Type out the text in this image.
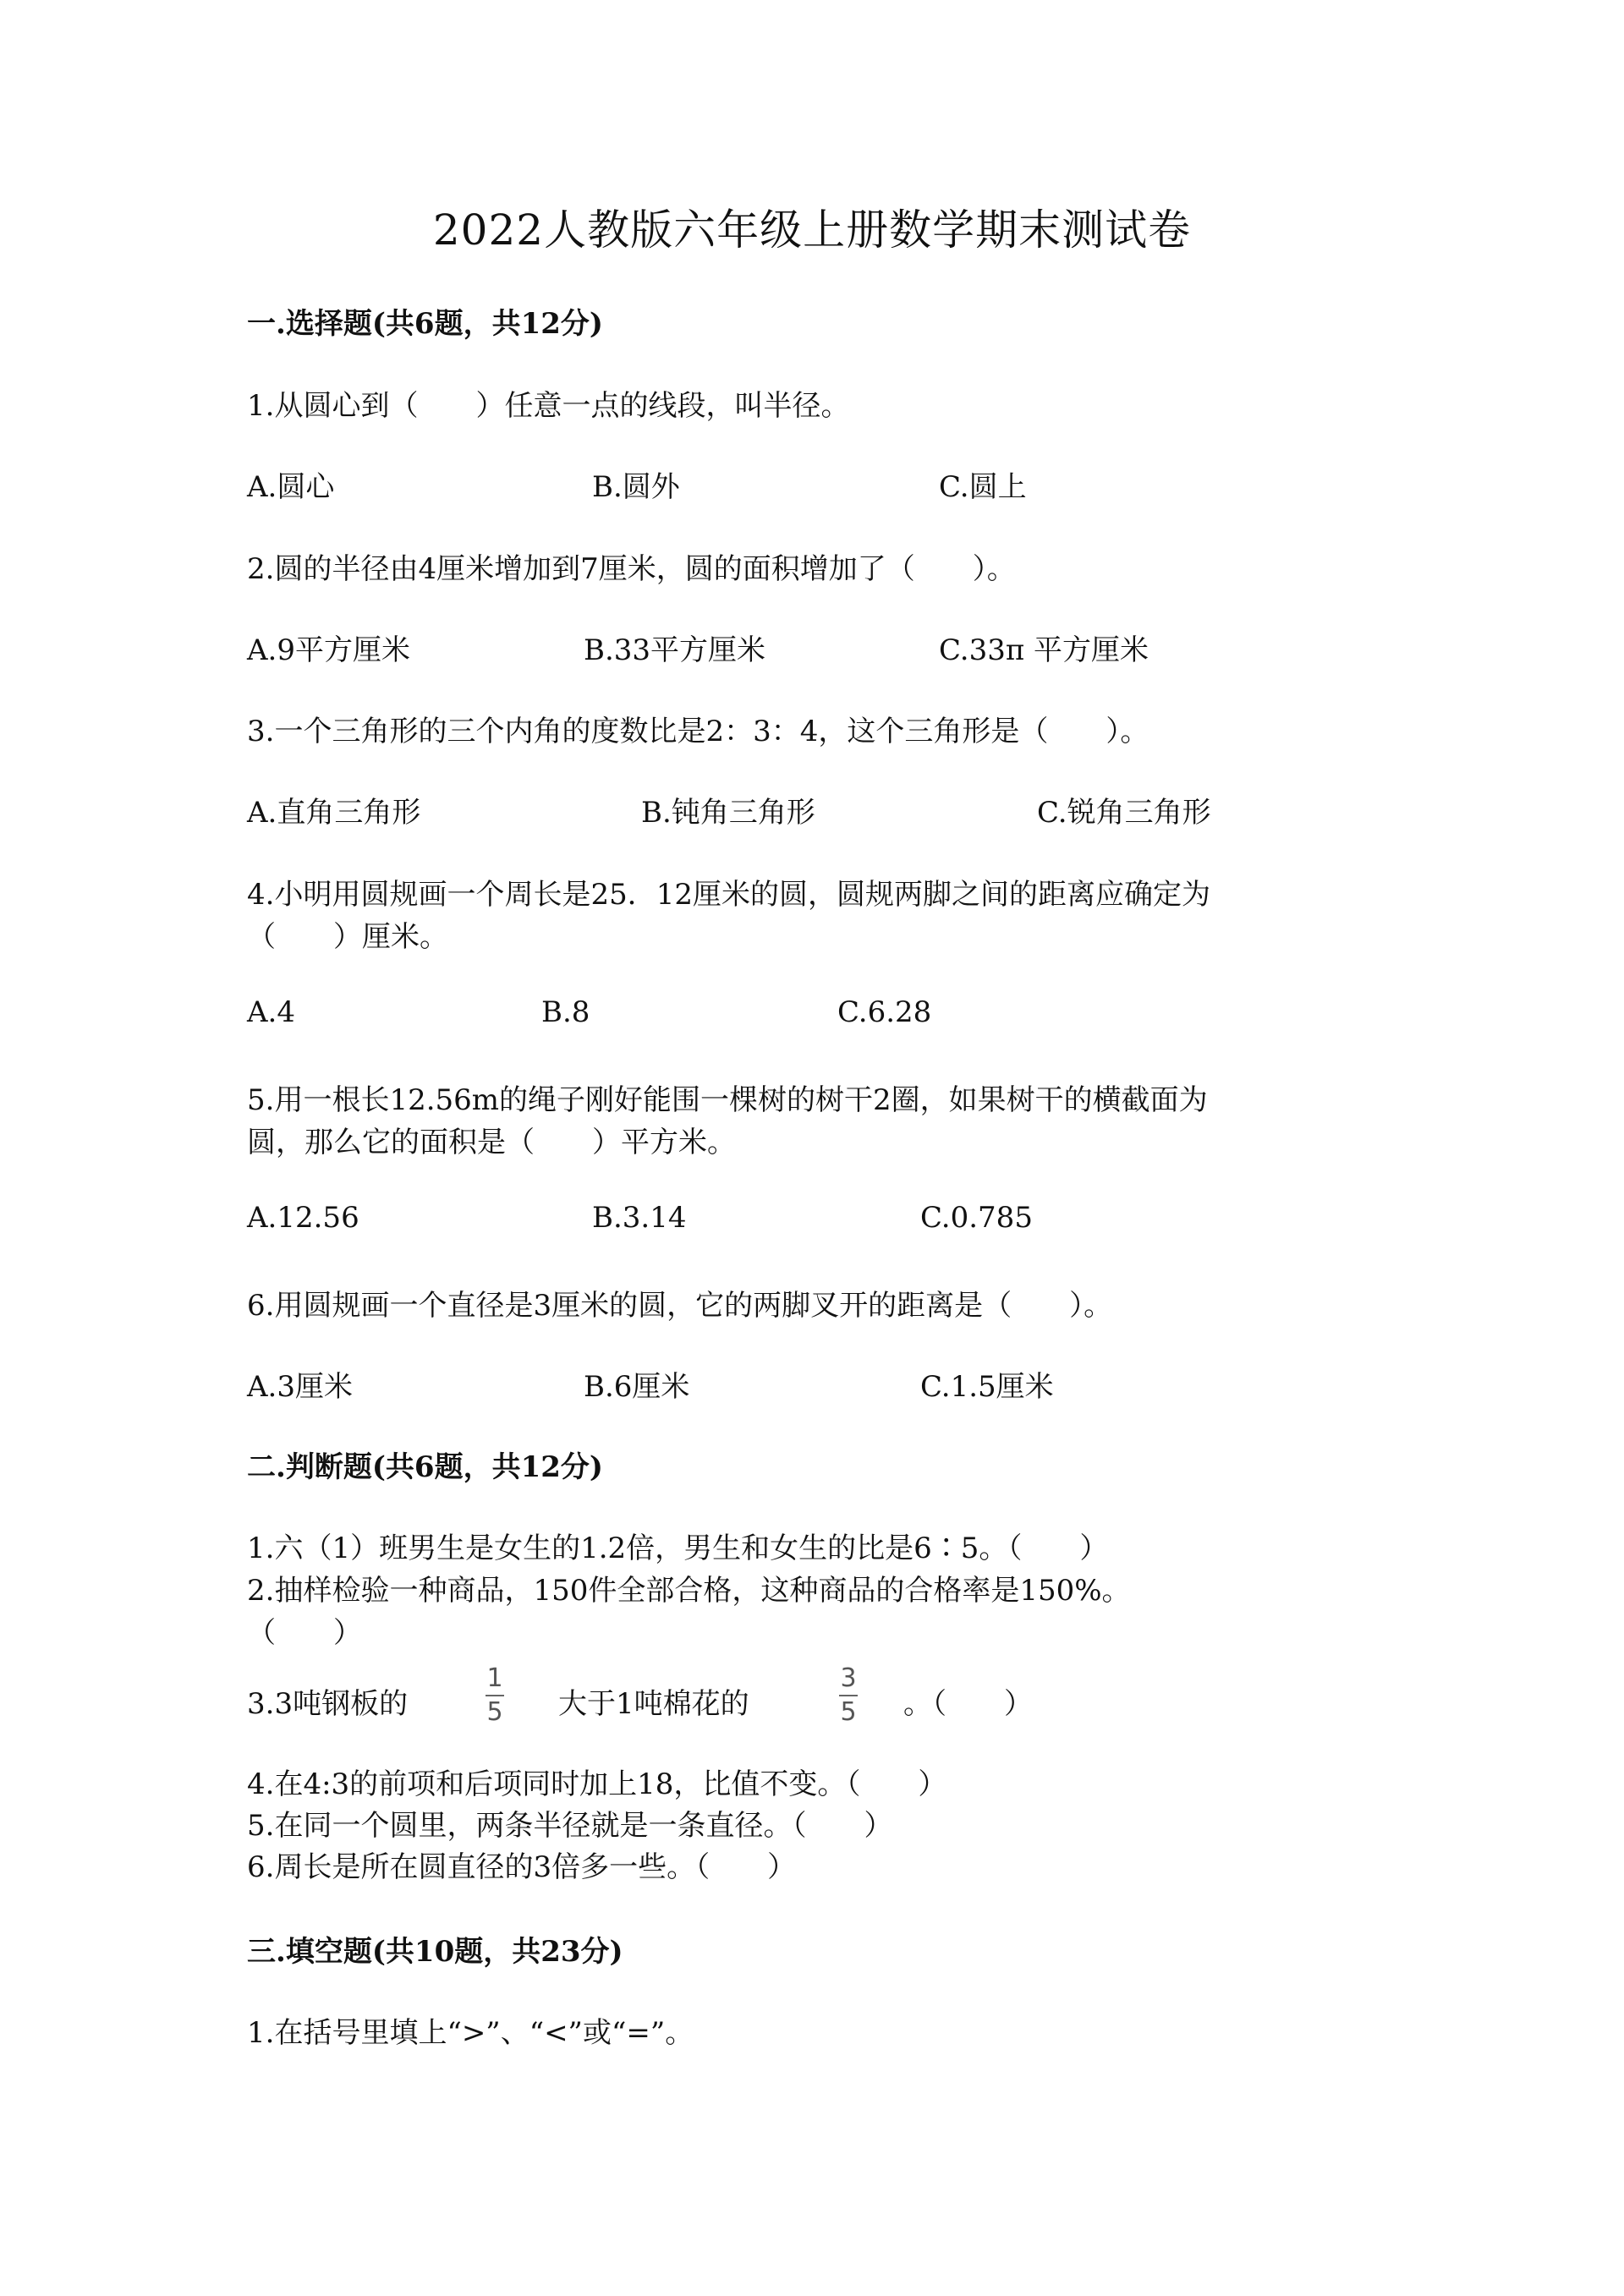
2022人教版六年级上册数学期末测试卷
一.选择题(共6题，共12分)
1.从圆心到（　　）任意一点的线段，叫半径。
A.圆心	B.圆外	C.圆上
2.圆的半径由4厘米增加到7厘米，圆的面积增加了（　　）。
A.9平方厘米	B.33平方厘米	C.33π 平方厘米
3.一个三角形的三个内角的度数比是2：3：4，这个三角形是（　　）。
A.直角三角形	B.钝角三角形	C.锐角三角形
4.小明用圆规画一个周长是25．12厘米的圆，圆规两脚之间的距离应确定为
（　　）厘米。
A.4	B.8	C.6.28
5.用一根长12.56m的绳子刚好能围一棵树的树干2圈，如果树干的横截面为
圆，那么它的面积是（　　）平方米。
A.12.56	B.3.14	C.0.785
6.用圆规画一个直径是3厘米的圆，它的两脚叉开的距离是（　　）。
A.3厘米	B.6厘米	C.1.5厘米
二.判断题(共6题，共12分)
1.六（1）班男生是女生的1.2倍，男生和女生的比是6∶5。（　　）
2.抽样检验一种商品，150件全部合格，这种商品的合格率是150%。
（　　）
3.3吨钢板的
1
5 大于1吨棉花的
3
5 。（　　）
4.在4:3的前项和后项同时加上18，比值不变。（　　）
5.在同一个圆里，两条半径就是一条直径。（　　）
6.周长是所在圆直径的3倍多一些。（　　）
三.填空题(共10题，共23分)
1.在括号里填上“>”、“<”或“=”。
